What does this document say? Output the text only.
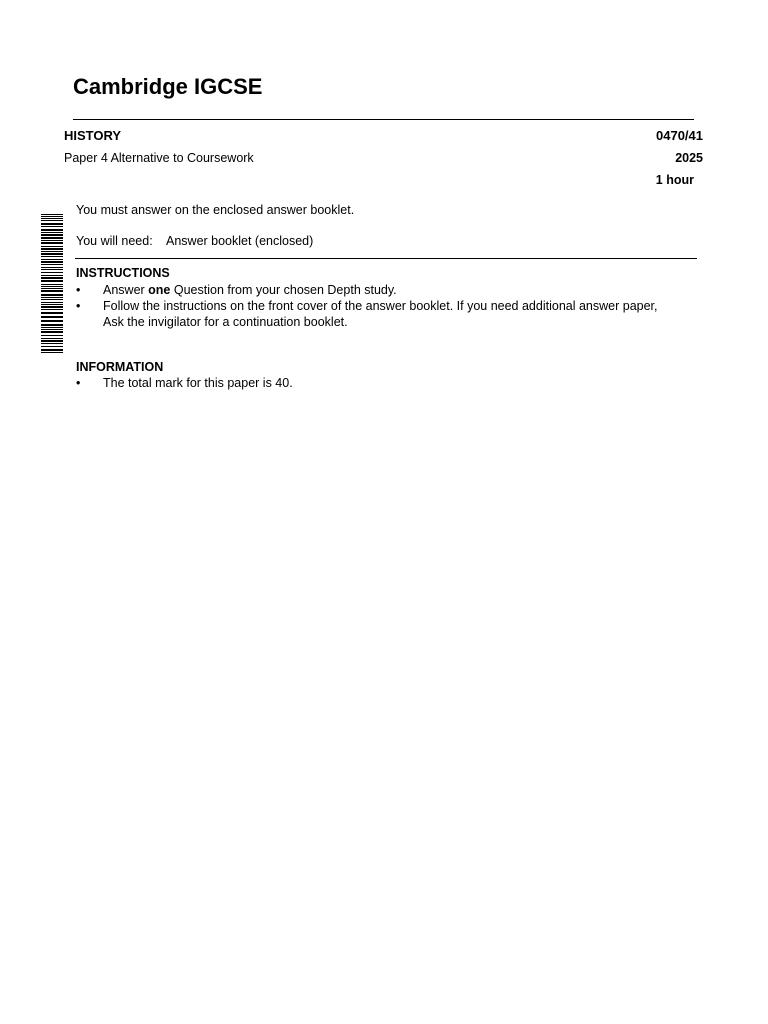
Cambridge IGCSE
HISTORY	0470/41
Paper 4 Alternative to Coursework	2025
1 hour
You must answer on the enclosed answer booklet.
You will need: Answer booklet (enclosed)
INSTRUCTIONS
•	Answer one Question from your chosen Depth study.
•	Follow the instructions on the front cover of the answer booklet. If you need additional answer paper,
Ask the invigilator for a continuation booklet.
INFORMATION
•	The total mark for this paper is 40.
